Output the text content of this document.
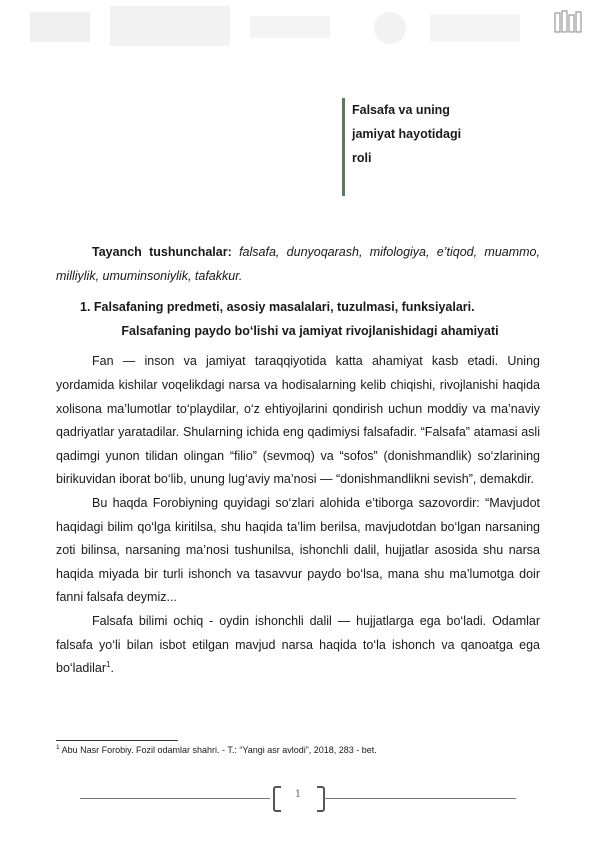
Falsafa va uning
jamiyat hayotidagi
roli

Tayanch tushunchalar: falsafa, dunyoqarash, mifologiya, e’tiqod, muammo, milliylik, umuminsoniylik, tafakkur.

1. Falsafaning predmeti, asosiy masalalari, tuzulmasi, funksiyalari.
Falsafaning paydo bo‘lishi va jamiyat rivojlanishidagi ahamiyati

Fan — inson va jamiyat taraqqiyotida katta ahamiyat kasb etadi. Uning yordamida kishilar voqelikdagi narsa va hodisalarning kelib chiqishi, rivojlanishi haqida xolisona ma’lumotlar to‘playdilar, o‘z ehtiyojlarini qondirish uchun moddiy va ma’naviy qadriyatlar yaratadilar. Shularning ichida eng qadimiysi falsafadir. “Falsafa” atamasi asli qadimgi yunon tilidan olingan “filio” (sevmoq) va “sofos” (donishmandlik) so‘zlarining birikuvidan iborat bo‘lib, unung lug‘aviy ma’nosi — “donishmandlikni sevish”, demakdir.

Bu haqda Forobiyning quyidagi so‘zlari alohida e’tiborga sazovordir: “Mavjudot haqidagi bilim qo‘lga kiritilsa, shu haqida ta’lim berilsa, mavjudotdan bo‘lgan narsaning zoti bilinsa, narsaning ma’nosi tushunilsa, ishonchli dalil, hujjatlar asosida shu narsa haqida miyada bir turli ishonch va tasavvur paydo bo‘lsa, mana shu ma’lumotga doir fanni falsafa deymiz...

Falsafa bilimi ochiq - oydin ishonchli dalil — hujjatlarga ega bo‘ladi. Odamlar falsafa yo‘li bilan isbot etilgan mavjud narsa haqida to‘la ishonch va qanoatga ega bo‘ladilar$^1$.

$^1$ Abu Nasr Forobiy. Fozil odamlar shahri. - T.: “Yangi asr avlodi”, 2018, 283 - bet.
1
